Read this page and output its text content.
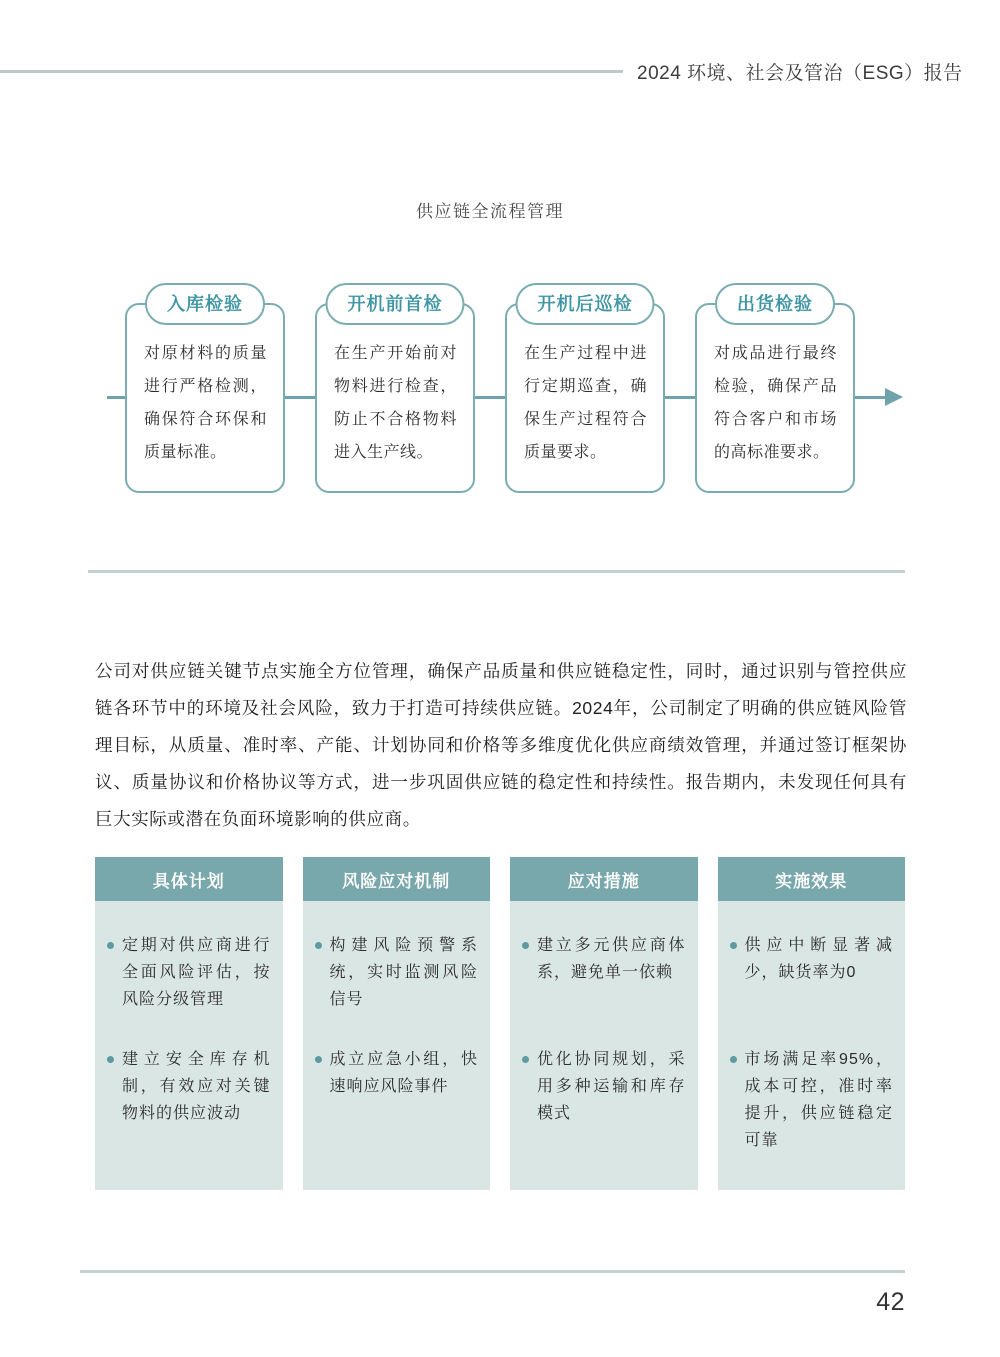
2024 环境、社会及管治（ESG）报告
供应链全流程管理
入库检验
对原材料的质量进行严格检测，确保符合环保和质量标准。
开机前首检
在生产开始前对物料进行检查，防止不合格物料进入生产线。
开机后巡检
在生产过程中进行定期巡查，确保生产过程符合质量要求。
出货检验
对成品进行最终检验，确保产品符合客户和市场的高标准要求。
公司对供应链关键节点实施全方位管理，确保产品质量和供应链稳定性，同时，通过识别与管控供应链各环节中的环境及社会风险，致力于打造可持续供应链。2024年，公司制定了明确的供应链风险管理目标，从质量、准时率、产能、计划协同和价格等多维度优化供应商绩效管理，并通过签订框架协议、质量协议和价格协议等方式，进一步巩固供应链的稳定性和持续性。报告期内，未发现任何具有巨大实际或潜在负面环境影响的供应商。
具体计划
定期对供应商进行全面风险评估，按风险分级管理
建立安全库存机制，有效应对关键物料的供应波动
风险应对机制
构建风险预警系统，实时监测风险信号
成立应急小组，快速响应风险事件
应对措施
建立多元供应商体系，避免单一依赖
优化协同规划，采用多种运输和库存模式
实施效果
供应中断显著减少，缺货率为0
市场满足率95%，成本可控，准时率提升，供应链稳定可靠
42
